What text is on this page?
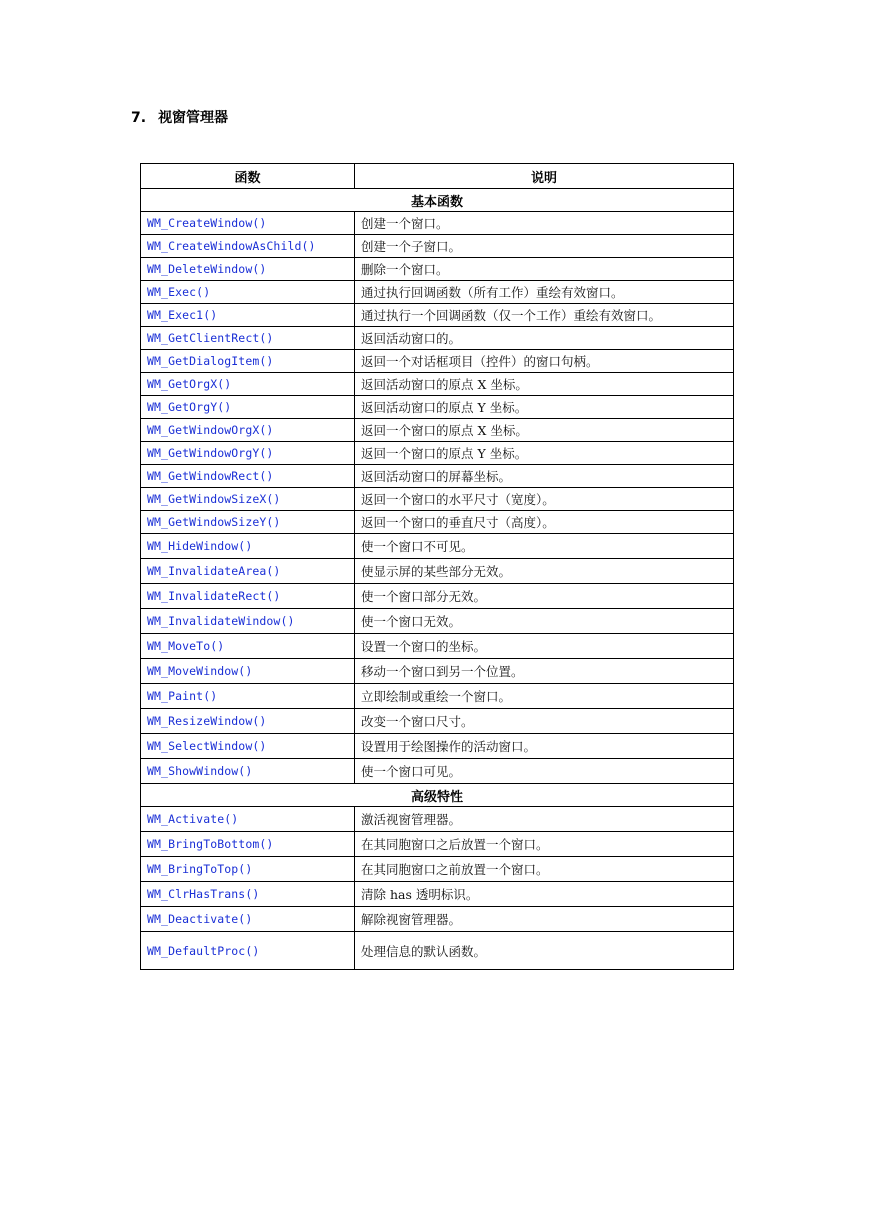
7. 视窗管理器
函数	说明
基本函数	
WM_CreateWindow()	创建一个窗口。
WM_CreateWindowAsChild()	创建一个子窗口。
WM_DeleteWindow()	删除一个窗口。
WM_Exec()	通过执行回调函数（所有工作）重绘有效窗口。
WM_Exec1()	通过执行一个回调函数（仅一个工作）重绘有效窗口。
WM_GetClientRect()	返回活动窗口的。
WM_GetDialogItem()	返回一个对话框项目（控件）的窗口句柄。
WM_GetOrgX()	返回活动窗口的原点 X 坐标。
WM_GetOrgY()	返回活动窗口的原点 Y 坐标。
WM_GetWindowOrgX()	返回一个窗口的原点 X 坐标。
WM_GetWindowOrgY()	返回一个窗口的原点 Y 坐标。
WM_GetWindowRect()	返回活动窗口的屏幕坐标。
WM_GetWindowSizeX()	返回一个窗口的水平尺寸（宽度）。
WM_GetWindowSizeY()	返回一个窗口的垂直尺寸（高度）。
WM_HideWindow()	使一个窗口不可见。
WM_InvalidateArea()	使显示屏的某些部分无效。
WM_InvalidateRect()	使一个窗口部分无效。
WM_InvalidateWindow()	使一个窗口无效。
WM_MoveTo()	设置一个窗口的坐标。
WM_MoveWindow()	移动一个窗口到另一个位置。
WM_Paint()	立即绘制或重绘一个窗口。
WM_ResizeWindow()	改变一个窗口尺寸。
WM_SelectWindow()	设置用于绘图操作的活动窗口。
WM_ShowWindow()	使一个窗口可见。
高级特性	
WM_Activate()	激活视窗管理器。
WM_BringToBottom()	在其同胞窗口之后放置一个窗口。
WM_BringToTop()	在其同胞窗口之前放置一个窗口。
WM_ClrHasTrans()	清除 has 透明标识。
WM_Deactivate()	解除视窗管理器。
WM_DefaultProc()	处理信息的默认函数。
